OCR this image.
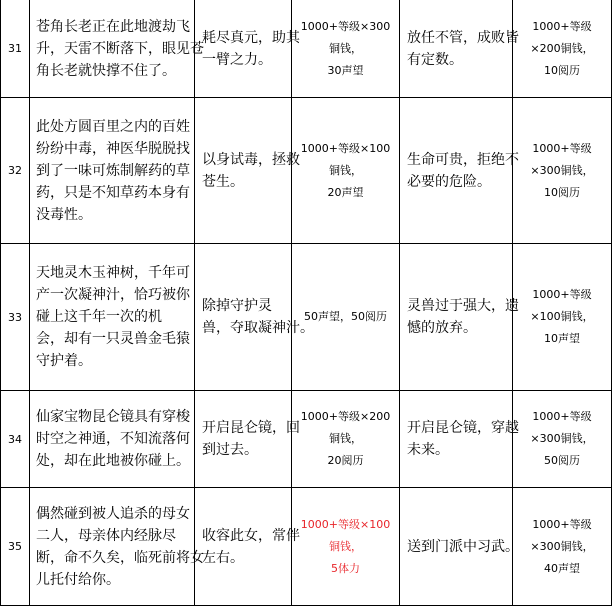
31	苍角长老正在此地渡劫飞
升，天雷不断落下，眼见苍
角长老就快撑不住了。	耗尽真元，助其
一臂之力。	1000+等级×300
铜钱，
30声望	放任不管，成败皆
有定数。	1000+等级
×200铜钱，
10阅历

32	此处方圆百里之内的百姓
纷纷中毒，神医华脱脱找
到了一味可炼制解药的草
药，只是不知草药本身有
没毒性。	以身试毒，拯救
苍生。	1000+等级×100
铜钱，
20声望	生命可贵，拒绝不
必要的危险。	1000+等级
×300铜钱，
10阅历

33	天地灵木玉神树，千年可
产一次凝神汁，恰巧被你
碰上这千年一次的机
会，却有一只灵兽金毛猿
守护着。	除掉守护灵
兽，夺取凝神汁。	50声望，50阅历	灵兽过于强大，遗
憾的放弃。	1000+等级
×100铜钱，
10声望

34	仙家宝物昆仑镜具有穿梭
时空之神通，不知流落何
处，却在此地被你碰上。	开启昆仑镜，回
到过去。	1000+等级×200
铜钱，
20阅历	开启昆仑镜，穿越
未来。	1000+等级
×300铜钱，
50阅历

35	偶然碰到被人追杀的母女
二人，母亲体内经脉尽
断，命不久矣，临死前将女
儿托付给你。	收容此女，常伴
左右。	1000+等级×100
铜钱，
5体力	送到门派中习武。	1000+等级
×300铜钱，
40声望
